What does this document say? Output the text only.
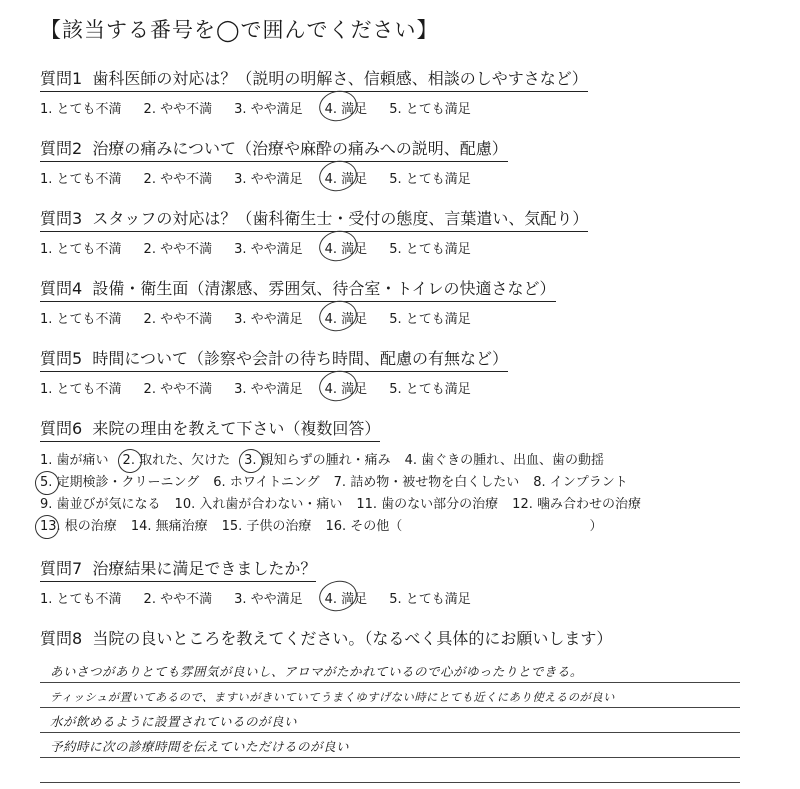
【該当する番号を◯で囲んでください】
質問1 歯科医師の対応は？（説明の明解さ、信頼感、相談のしやすさなど）
1. とても不満 2. やや不満 3. やや満足 4. 満足 5. とても満足
質問2 治療の痛みについて（治療や麻酔の痛みへの説明、配慮）
1. とても不満 2. やや不満 3. やや満足 4. 満足 5. とても満足
質問3 スタッフの対応は？（歯科衛生士・受付の態度、言葉遣い、気配り）
1. とても不満 2. やや不満 3. やや満足 4. 満足 5. とても満足
質問4 設備・衛生面（清潔感、雰囲気、待合室・トイレの快適さなど）
1. とても不満 2. やや不満 3. やや満足 4. 満足 5. とても満足
質問5 時間について（診察や会計の待ち時間、配慮の有無など）
1. とても不満 2. やや不満 3. やや満足 4. 満足 5. とても満足
質問6 来院の理由を教えて下さい（複数回答）
1. 歯が痛い 2. 取れた、欠けた 3. 親知らずの腫れ・痛み 4. 歯ぐきの腫れ、出血、歯の動揺
5. 定期検診・クリーニング 6. ホワイトニング 7. 詰め物・被せ物を白くしたい 8. インプラント
9. 歯並びが気になる 10. 入れ歯が合わない・痛い 11. 歯のない部分の治療 12. 噛み合わせの治療
13. 根の治療 14. 無痛治療 15. 子供の治療 16. その他（	）
質問7 治療結果に満足できましたか？
1. とても不満 2. やや不満 3. やや満足 4. 満足 5. とても満足
質問8 当院の良いところを教えてください。（なるべく具体的にお願いします）
あいさつがありとても雰囲気が良いし、アロマがたかれているので心がゆったりとできる。
ティッシュが置いてあるので、ますいがきいていてうまくゆすげない時にとても近くにあり使えるのが良い
水が飲めるように設置されているのが良い
予約時に次の診療時間を伝えていただけるのが良い
